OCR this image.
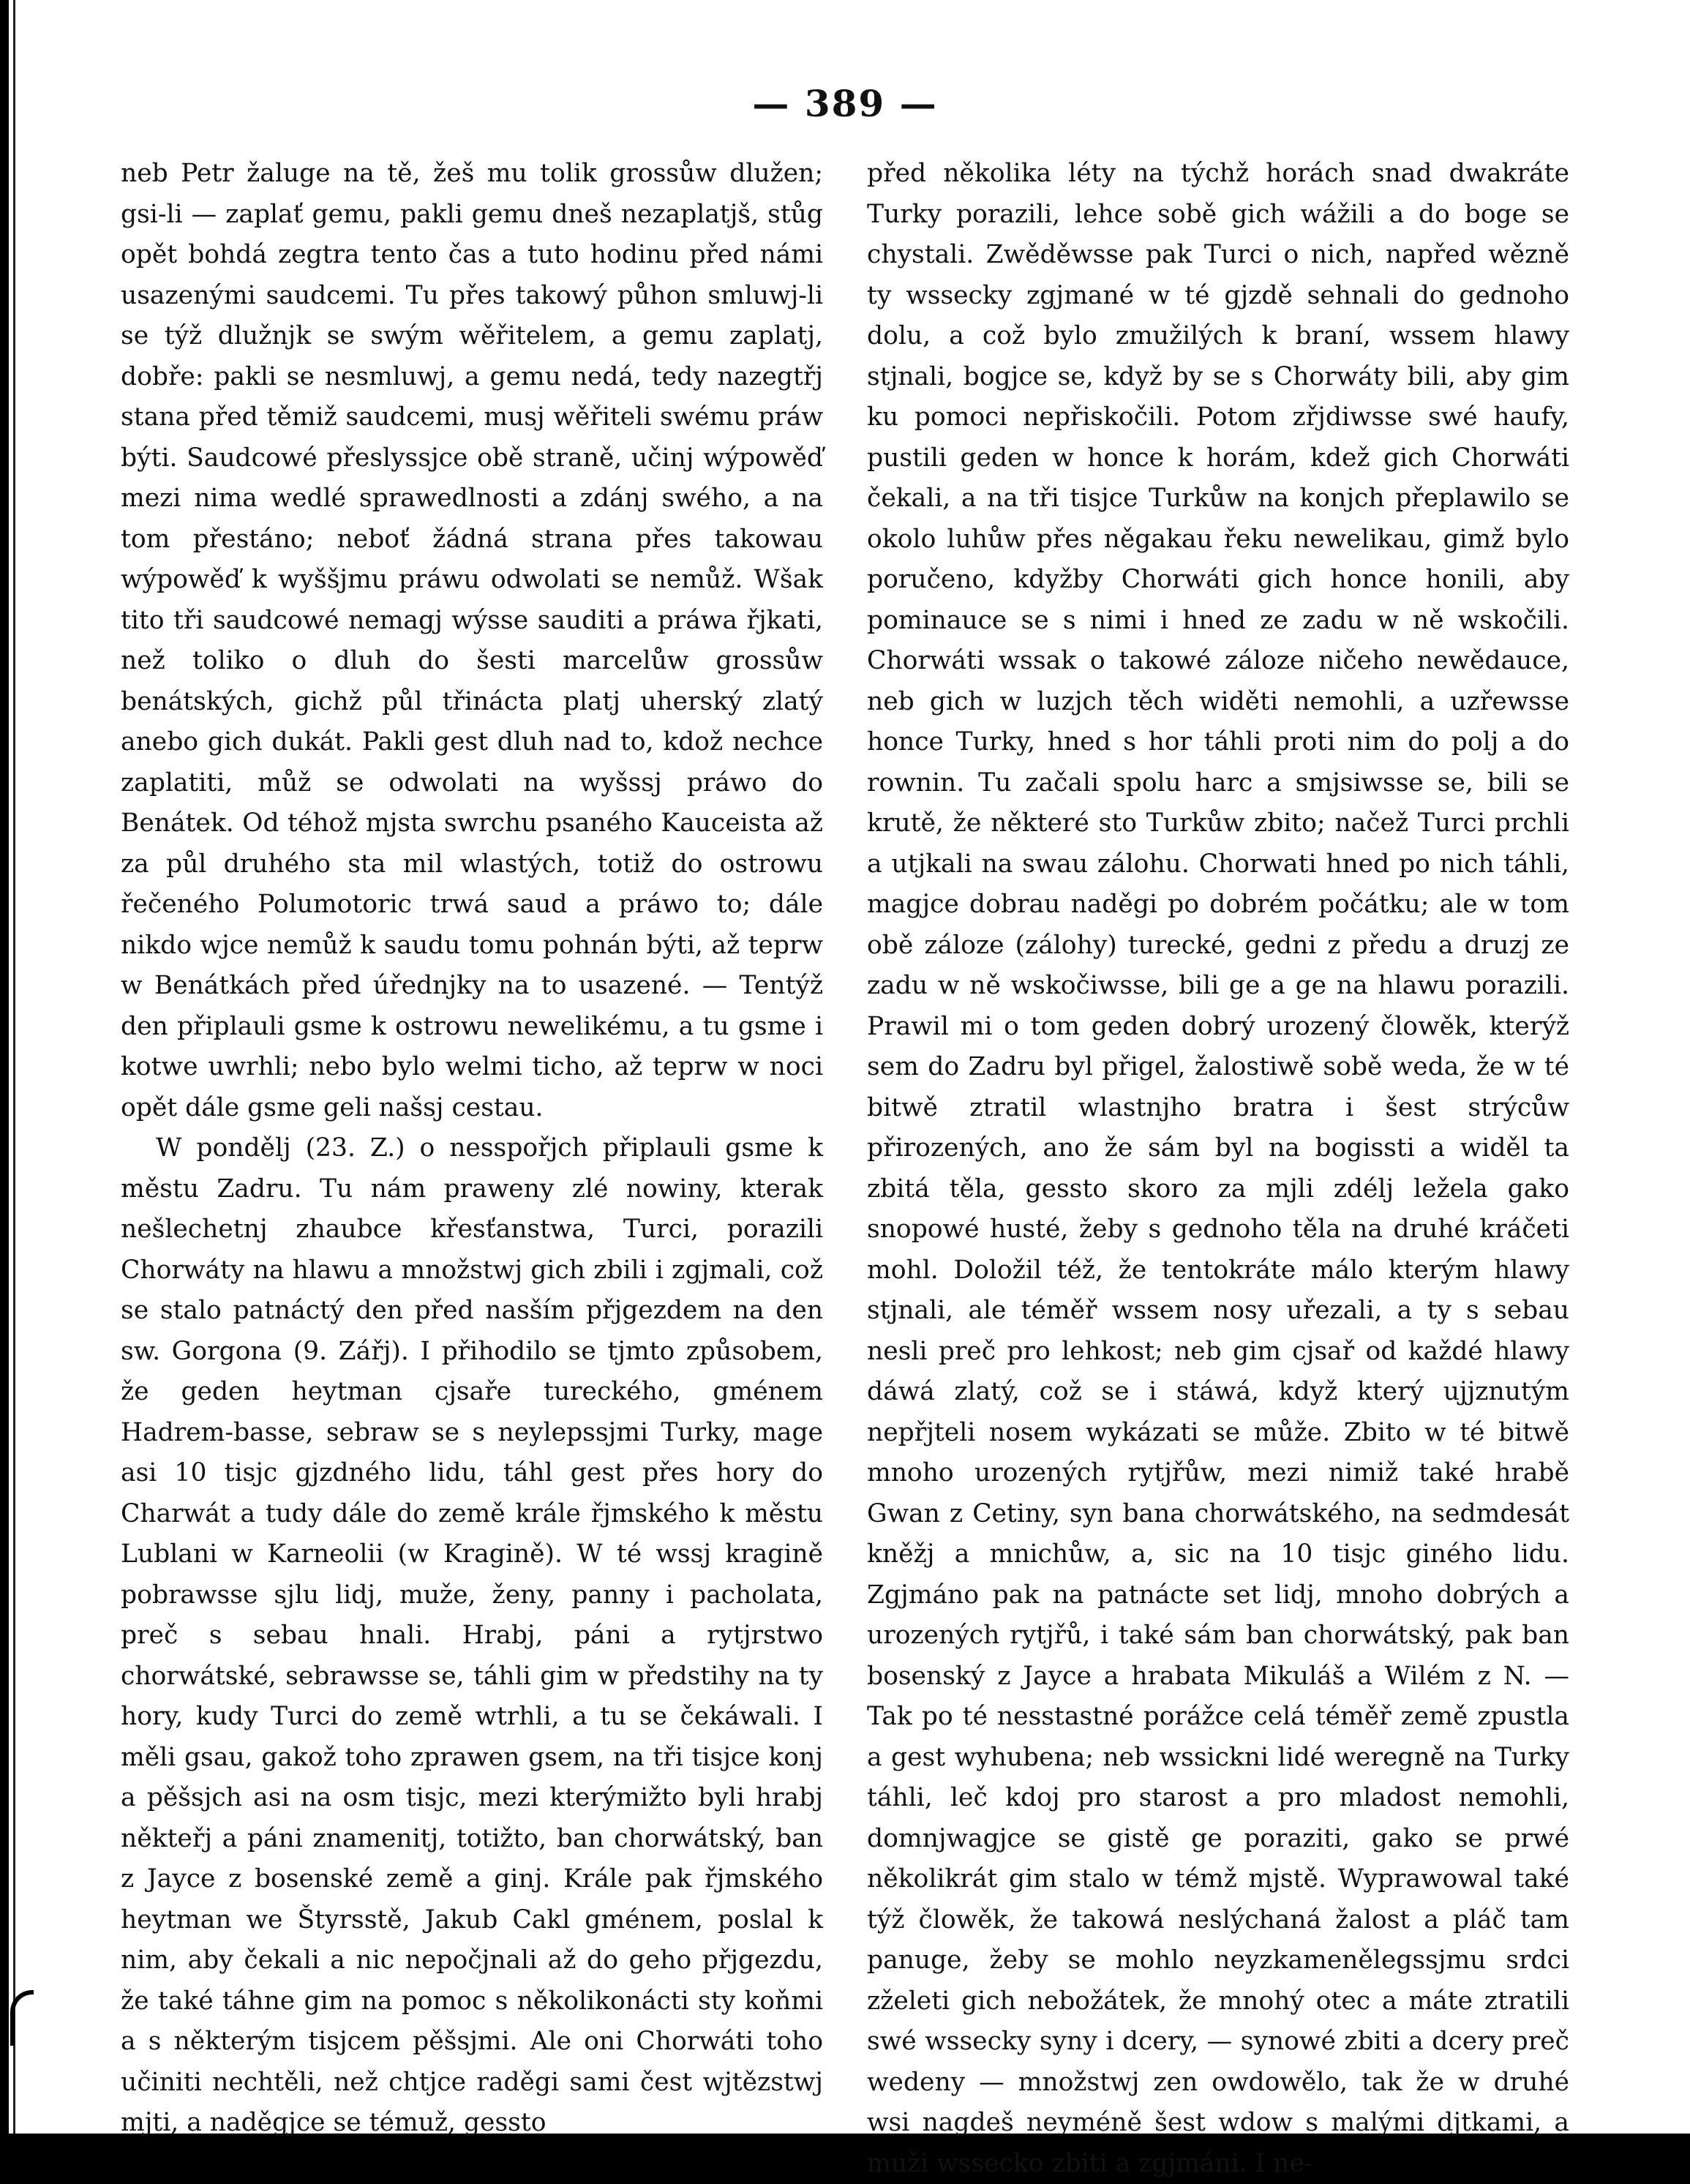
— 389 —

neb Petr žaluge na tě, žeš mu tolik grossůw dlužen; gsi-li — zaplať gemu, pakli gemu dneš nezaplatjš, stůg opět bohdá zegtra tento čas a tuto hodinu před námi usazenými saudcemi. Tu přes takowý půhon smluwj-li se týž dlužnjk se swým wěřitelem, a gemu zaplatj, dobře: pakli se nesmluwj, a gemu nedá, tedy nazegtřj stana před těmiž saudcemi, musj wěřiteli swému práw býti. Saudcowé přeslyssjce obě straně, učinj wýpowěď mezi nima wedlé sprawedlnosti a zdánj swého, a na tom přestáno; neboť žádná strana přes takowau wýpowěď k wyššjmu práwu odwolati se nemůž. Wšak tito tři saudcowé nemagj wýsse sauditi a práwa řjkati, než toliko o dluh do šesti marcelůw grossůw benátských, gichž půl třinácta platj uherský zlatý anebo gich dukát. Pakli gest dluh nad to, kdož nechce zaplatiti, můž se odwolati na wyšssj práwo do Benátek. Od téhož mjsta swrchu psaného Kauceista až za půl druhého sta mil wlastých, totiž do ostrowu řečeného Polumotoric trwá saud a práwo to; dále nikdo wjce nemůž k saudu tomu pohnán býti, až teprw w Benátkách před úřednjky na to usazené. — Tentýž den připlauli gsme k ostrowu newelikému, a tu gsme i kotwe uwrhli; nebo bylo welmi ticho, až teprw w noci opět dále gsme geli našsj cestau.

W pondělj (23. Z.) o nesspořjch připlauli gsme k městu Zadru. Tu nám praweny zlé nowiny, kterak nešlechetnj zhaubce křesťanstwa, Turci, porazili Chorwáty na hlawu a množstwj gich zbili i zgjmali, což se stalo patnáctý den před nasším přjgezdem na den sw. Gorgona (9. Zářj). I přihodilo se tjmto způsobem, že geden heytman cjsaře tureckého, gménem Hadrem-basse, sebraw se s neylepssjmi Turky, mage asi 10 tisjc gjzdného lidu, táhl gest přes hory do Charwát a tudy dále do země krále řjmského k městu Lublani w Karneolii (w Kragině). W té wssj kragině pobrawsse sjlu lidj, muže, ženy, panny i pacholata, preč s sebau hnali. Hrabj, páni a rytjrstwo chorwátské, sebrawsse se, táhli gim w předstihy na ty hory, kudy Turci do země wtrhli, a tu se čekáwali. I měli gsau, gakož toho zprawen gsem, na tři tisjce konj a pěšsjch asi na osm tisjc, mezi kterýmižto byli hrabj někteřj a páni znamenitj, totižto, ban chorwátský, ban z Jayce z bosenské země a ginj. Krále pak řjmského heytman we Štyrsstě, Jakub Cakl gménem, poslal k nim, aby čekali a nic nepočjnali až do geho přjgezdu, že také táhne gim na pomoc s několikonácti sty koňmi a s některým tisjcem pěšsjmi. Ale oni Chorwáti toho učiniti nechtěli, než chtjce raděgi sami čest wjtězstwj mjti, a naděgjce se témuž, gessto

před několika léty na týchž horách snad dwakráte Turky porazili, lehce sobě gich wážili a do boge se chystali. Zwěděwsse pak Turci o nich, napřed wězně ty wssecky zgjmané w té gjzdě sehnali do gednoho dolu, a což bylo zmužilých k braní, wssem hlawy stjnali, bogjce se, když by se s Chorwáty bili, aby gim ku pomoci nepřiskočili. Potom zřjdiwsse swé haufy, pustili geden w honce k horám, kdež gich Chorwáti čekali, a na tři tisjce Turkůw na konjch přeplawilo se okolo luhůw přes něgakau řeku newelikau, gimž bylo poručeno, kdyžby Chorwáti gich honce honili, aby pominauce se s nimi i hned ze zadu w ně wskočili. Chorwáti wssak o takowé záloze ničeho newědauce, neb gich w luzjch těch widěti nemohli, a uzřewsse honce Turky, hned s hor táhli proti nim do polj a do rownin. Tu začali spolu harc a smjsiwsse se, bili se krutě, že některé sto Turkůw zbito; načež Turci prchli a utjkali na swau zálohu. Chorwati hned po nich táhli, magjce dobrau naděgi po dobrém počátku; ale w tom obě záloze (zálohy) turecké, gedni z předu a druzj ze zadu w ně wskočiwsse, bili ge a ge na hlawu porazili. Prawil mi o tom geden dobrý urozený člowěk, kterýž sem do Zadru byl přigel, žalostiwě sobě weda, že w té bitwě ztratil wlastnjho bratra i šest strýcůw přirozených, ano že sám byl na bogissti a widěl ta zbitá těla, gessto skoro za mjli zdélj ležela gako snopowé husté, žeby s gednoho těla na druhé kráčeti mohl. Doložil též, že tentokráte málo kterým hlawy stjnali, ale téměř wssem nosy uřezali, a ty s sebau nesli preč pro lehkost; neb gim cjsař od každé hlawy dáwá zlatý, což se i stáwá, když který ujjznutým nepřjteli nosem wykázati se může. Zbito w té bitwě mnoho urozených rytjřůw, mezi nimiž také hrabě Gwan z Cetiny, syn bana chorwátského, na sedmdesát kněžj a mnichůw, a, sic na 10 tisjc giného lidu. Zgjmáno pak na patnácte set lidj, mnoho dobrých a urozených rytjřů, i také sám ban chorwátský, pak ban bosenský z Jayce a hrabata Mikuláš a Wilém z N. — Tak po té nesstastné porážce celá téměř země zpustla a gest wyhubena; neb wssickni lidé weregně na Turky táhli, leč kdoj pro starost a pro mladost nemohli, domnjwagjce se gistě ge poraziti, gako se prwé několikrát gim stalo w témž mjstě. Wyprawowal také týž člowěk, že takowá neslýchaná žalost a pláč tam panuge, žeby se mohlo neyzkamenělegssjmu srdci zželeti gich nebožátek, že mnohý otec a máte ztratili swé wssecky syny i dcery, — synowé zbiti a dcery preč wedeny — množstwj zen owdowělo, tak že w druhé wsi nagdeš neyméně šest wdow s malými djtkami, a muži wssecko zbiti a zgjmáni. I ne-
